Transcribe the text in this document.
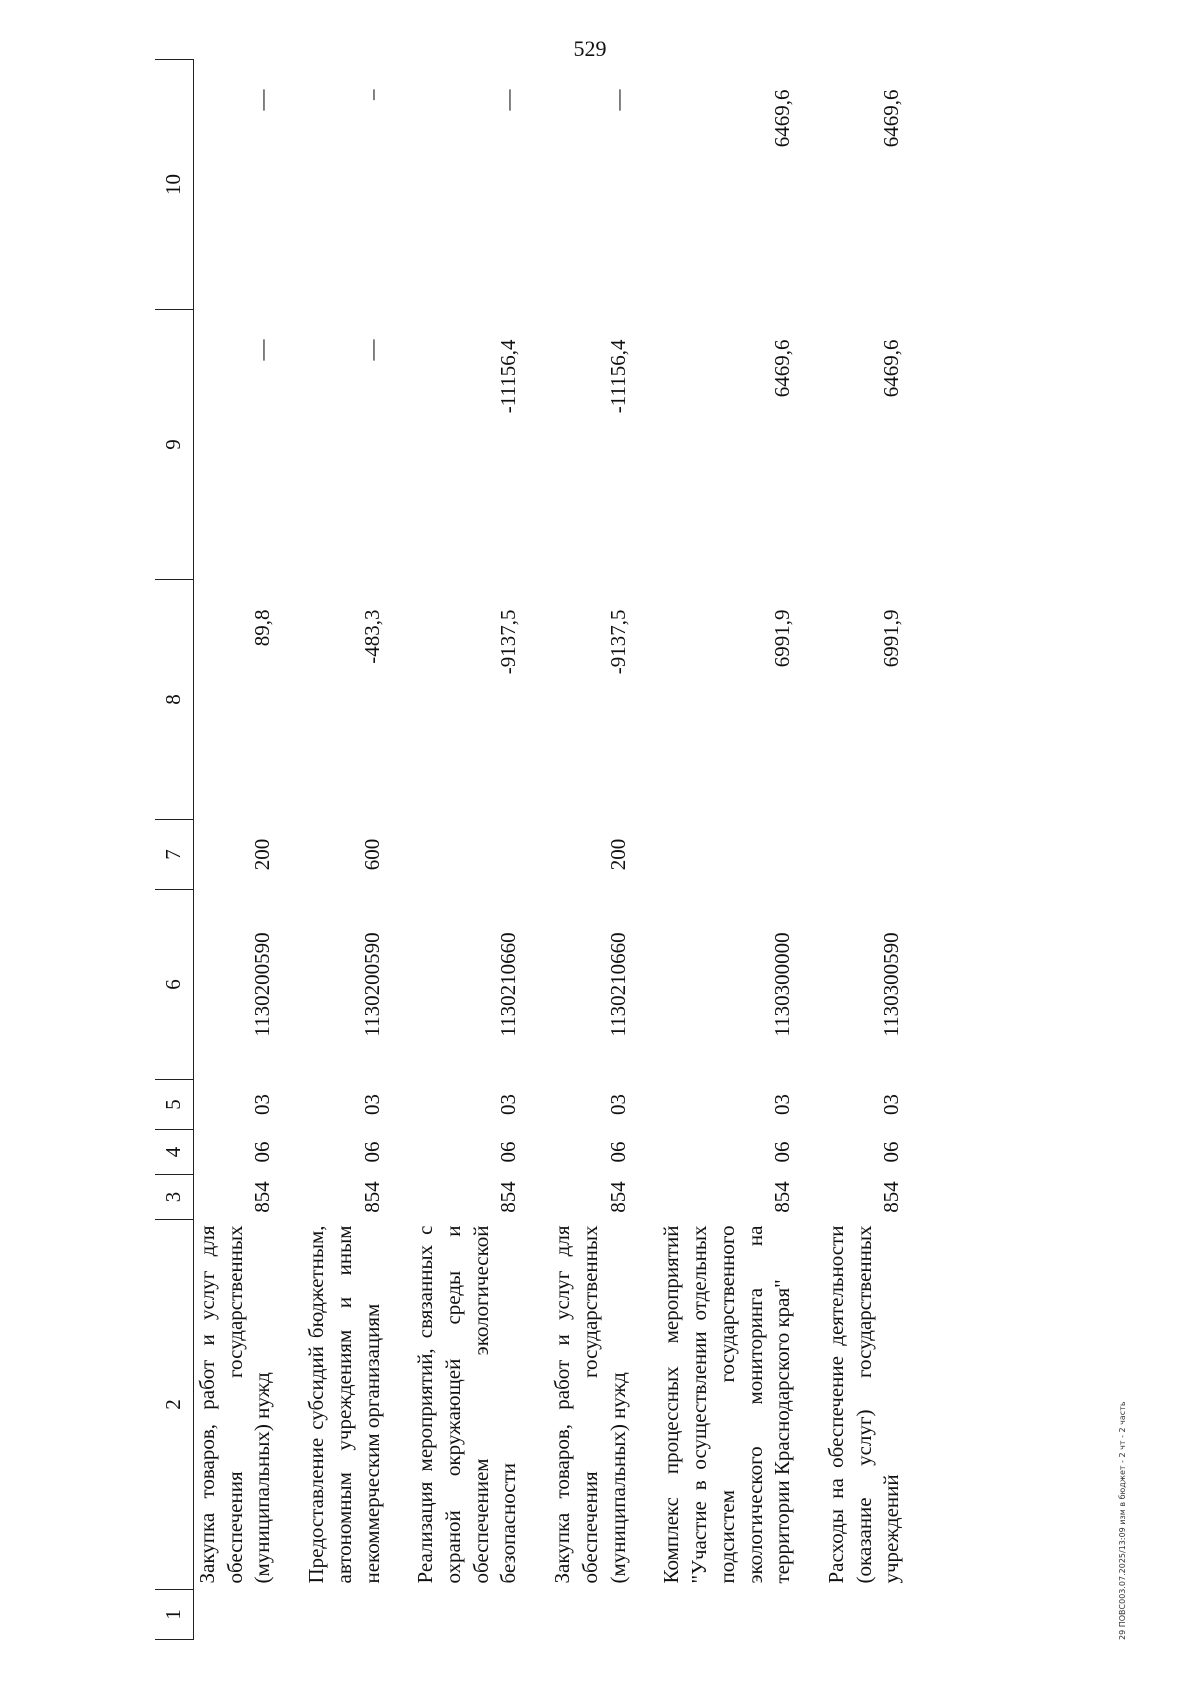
529
1	2	3	4	5	6	7	8	9	10
	Закупка товаров, работ и услуг для обеспечения государственных (муниципальных) нужд	854	06	03	1130200590	200	89,8	—	—

	Предоставление субсидий бюджетным, автономным учреждениям и иным некоммерческим организациям	854	06	03	1130200590	600	-483,3	—	–

	Реализация мероприятий, связанных с охраной окружающей среды и обеспечением экологической безопасности	854	06	03	1130210660		-9137,5	-11156,4	—

	Закупка товаров, работ и услуг для обеспечения государственных (муниципальных) нужд	854	06	03	1130210660	200	-9137,5	-11156,4	—

	Комплекс процессных мероприятий "Участие в осуществлении отдельных подсистем государственного экологического мониторинга на территории Краснодарского края"	854	06	03	1130300000		6991,9	6469,6	6469,6

	Расходы на обеспечение деятельности (оказание услуг) государственных учреждений	854	06	03	1130300590		6991,9	6469,6	6469,6
29 ПОВС003.07.2025/13:09 изм в бюджет - 2 чт - 2 часть
